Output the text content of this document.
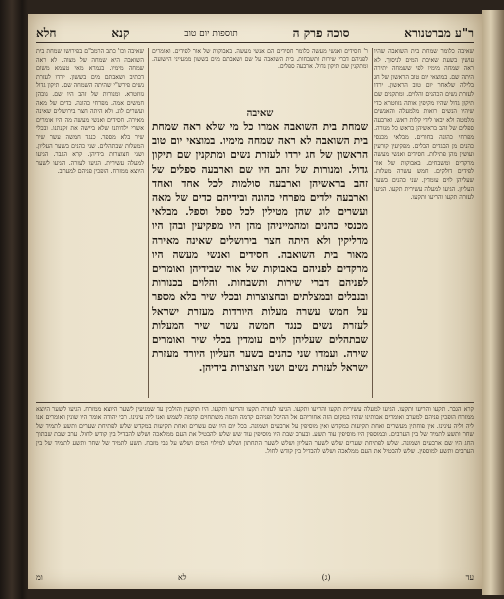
ר"ע מברטנורא
סוכה פרק ה
תוספות יום טוב
קנא
חלא
שאיבה כלומר שמחת בית השואבה שהיו עושין בשעת שאיבת המים לניסוך. לא ראה שמחה מימיו לפי ששמחה יתירה היתה שם. במוצאי יום טוב הראשון של חג בלילה שלאחר יום טוב הראשון. ירדו לעזרת נשים הכהנים והלוים. ומתקנים שם תיקון גדול שהיו מקיפין אותה גזוזטרא כדי שיהיו הנשים רואות מלמעלה והאנשים מלמטה ולא יבאו לידי קלות ראש. וארבעה ספלים של זהב בראשיהן בראש כל מנורה. מפרחי כהונה בחורים. מבלאי מכנסי כהנים מן הבגדים הבלים. מפקיעין קורעין ועושין מהן פתילות. חסידים ואנשי מעשה מרקדים ומשבחים. באבוקות של אור לפידים דולקים. חמש עשרה מעלות. שעליהן לוים עומדין. שני כהנים בשער העליון. הגיעו למעלה עשירית תקעו. הגיעו לעזרה תקעו והריעו ותקעו.
ר' חסידים ואנשי מעשה כלומר חסידים הם אנשי מעשה. באבוקות של אור לפידים. ואומרים לפניהם דברי שירות ותשבחות. בית השואבה על שם ושאבתם מים בששון ממעייני הישועה. ומתקנין שם תיקון גדול. ארבעה ספלים.
שאיבה
שמחת בית השואבה אמרו כל מי שלא ראה שמחת בית השואבה לא ראה שמחה מימיו. במוצאי יום טוב הראשון של חג ירדו לעזרת נשים ומתקנין שם תיקון גדול. ומנורות של זהב היו שם וארבעה ספלים של זהב בראשיהן וארבעה סולמות לכל אחד ואחד וארבעה ילדים מפרחי כהונה ובידיהם כדים של מאה ועשרים לוג שהן מטילין לכל ספל וספל. מבלאי מכנסי כהנים ומהמייניהן מהן היו מפקיעין ובהן היו מדליקין ולא היתה חצר בירושלים שאינה מאירה מאור בית השואבה. חסידים ואנשי מעשה היו מרקדים לפניהם באבוקות של אור שבידיהן ואומרים לפניהם דברי שירות ותשבחות. והלוים בכנורות ובנבלים ובמצלתים ובחצוצרות ובכלי שיר בלא מספר על חמש עשרה מעלות היורדות מעזרת ישראל לעזרת נשים כנגד חמשה עשר שיר המעלות שבתהלים שעליהן לוים עומדין בכלי שיר ואומרים שירה. ועמדו שני כהנים בשער העליון היורד מעזרת ישראל לעזרת נשים ושני חצוצרות בידיהן.
שאיבה וכו' כתב הרמב"ם בפירושו שמחת בית השואבה היא שמחה של מצוה. לא ראה שמחה מימיו. בגמרא מאי טעמא משום דכתיב ושאבתם מים בששון. ירדו לעזרת נשים פירש"י שהיתה השמחה שם. תיקון גדול גזוזטרא. ומנורות של זהב היו שם. גובהן חמשים אמה. מפרחי כהונה. כדים של מאה ועשרים לוג. ולא היתה חצר בירושלים שאינה מאירה. חסידים ואנשי מעשה מה היו אומרים אשרי ילדותנו שלא ביישה את זקנתנו. ובכלי שיר בלא מספר. כנגד חמשה עשר שיר המעלות שבתהלים. שני כהנים בשער העליון. ושני חצוצרות בידיהן. קרא הגבר. הגיעו למעלה עשירית. הגיעו לעזרה. הגיעו לשער היוצא ממזרח. הופכין פניהם למערב.
קרא הגבר. תקעו והריעו ותקעו. הגיעו למעלה עשירית תקעו והריעו ותקעו. הגיעו לעזרה תקעו והריעו ותקעו. היו תוקעין והולכין עד שמגיעין לשער היוצא ממזרח. הגיעו לשער היוצא ממזרח הופכין פניהם למערב ואומרים אבותינו שהיו במקום הזה אחוריהם אל ההיכל ופניהם קדמה והמה משתחוים קדמה לשמש ואנו ליה עינינו. רבי יהודה אומר היו שונין ואומרים אנו ליה וליה עינינו. אין פוחתין מעשרים ואחת תקיעות במקדש ואין מוסיפין על ארבעים ושמונה. בכל יום היו שם עשרים ואחת תקיעות במקדש שלש לפתיחת שערים ותשע לתמיד של שחר ותשע לתמיד של בין הערבים. ובמוספין היו מוסיפין עוד תשע. ובערב שבת היו מוסיפין עוד שש שלש להבטיל את העם ממלאכה ושלש להבדיל בין קודש לחול. ערב שבת שבתוך החג היו שם ארבעים ושמונה. שלש לפתיחת שערים שלש לשער העליון ושלש לשער התחתון ושלש למילוי המים ושלש על גבי מזבח. תשע לתמיד של שחר ותשע לתמיד של בין הערבים ותשע למוספין. שלש להבטיל את העם ממלאכה ושלש להבדיל בין קודש לחול.
עד
(ג)
לא
ומ
